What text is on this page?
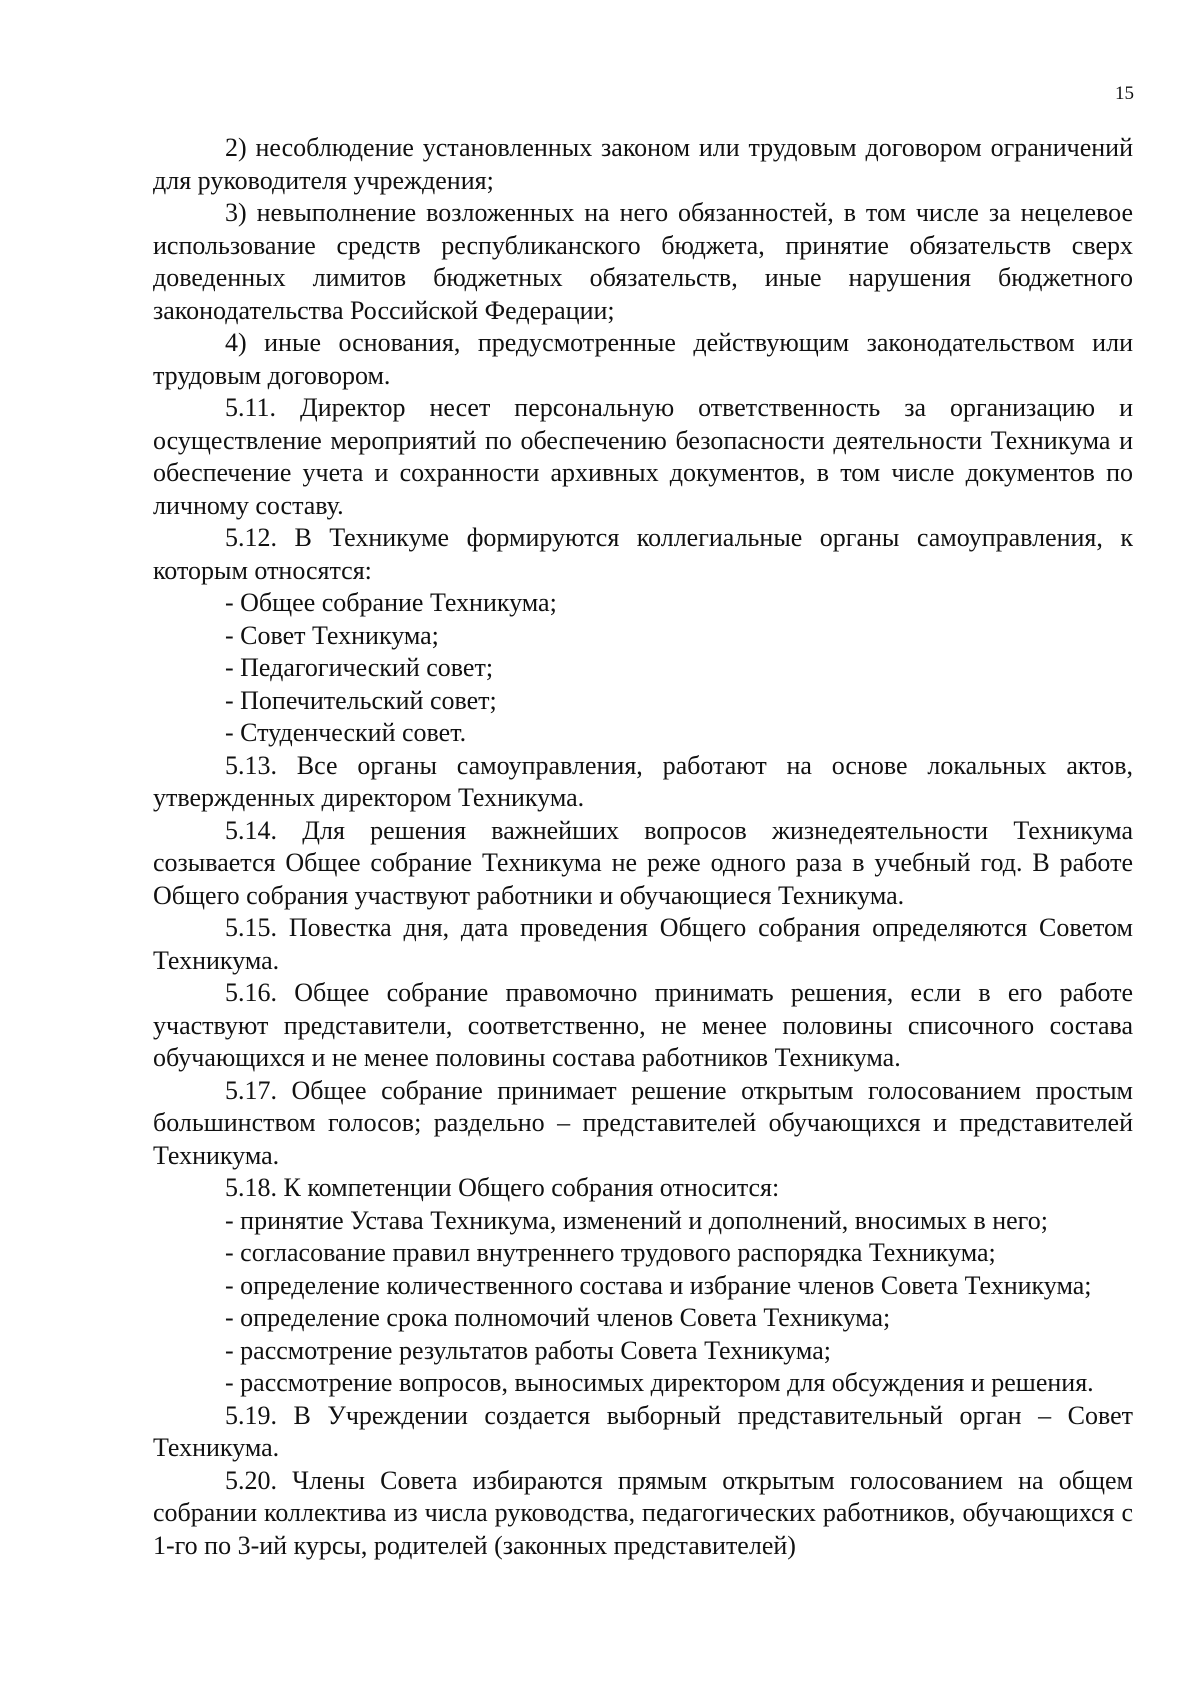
15

2) несоблюдение установленных законом или трудовым договором ограничений для руководителя учреждения;

3) невыполнение возложенных на него обязанностей, в том числе за нецелевое использование средств республиканского бюджета, принятие обязательств сверх доведенных лимитов бюджетных обязательств, иные нарушения бюджетного законодательства Российской Федерации;

4) иные основания, предусмотренные действующим законодательством или трудовым договором.

5.11. Директор несет персональную ответственность за организацию и осуществление мероприятий по обеспечению безопасности деятельности Техникума и обеспечение учета и сохранности архивных документов, в том числе документов по личному составу.

5.12. В Техникуме формируются коллегиальные органы самоуправления, к которым относятся:

- Общее собрание Техникума;

- Совет Техникума;

- Педагогический совет;

- Попечительский совет;

- Студенческий совет.

5.13. Все органы самоуправления, работают на основе локальных актов, утвержденных директором Техникума.

5.14. Для решения важнейших вопросов жизнедеятельности Техникума созывается Общее собрание Техникума не реже одного раза в учебный год. В работе Общего собрания участвуют работники и обучающиеся Техникума.

5.15. Повестка дня, дата проведения Общего собрания определяются Советом Техникума.

5.16. Общее собрание правомочно принимать решения, если в его работе участвуют представители, соответственно, не менее половины списочного состава обучающихся и не менее половины состава работников Техникума.

5.17. Общее собрание принимает решение открытым голосованием простым большинством голосов; раздельно – представителей обучающихся и представителей Техникума.

5.18. К компетенции Общего собрания относится:

- принятие Устава Техникума, изменений и дополнений, вносимых в него;

- согласование правил внутреннего трудового распорядка Техникума;

- определение количественного состава и избрание членов Совета Техникума;

- определение срока полномочий членов Совета Техникума;

- рассмотрение результатов работы Совета Техникума;

- рассмотрение вопросов, выносимых директором для обсуждения и решения.

5.19. В Учреждении создается выборный представительный орган – Совет Техникума.

5.20. Члены Совета избираются прямым открытым голосованием на общем собрании коллектива из числа руководства, педагогических работников, обучающихся с 1-го по 3-ий курсы, родителей (законных представителей)
